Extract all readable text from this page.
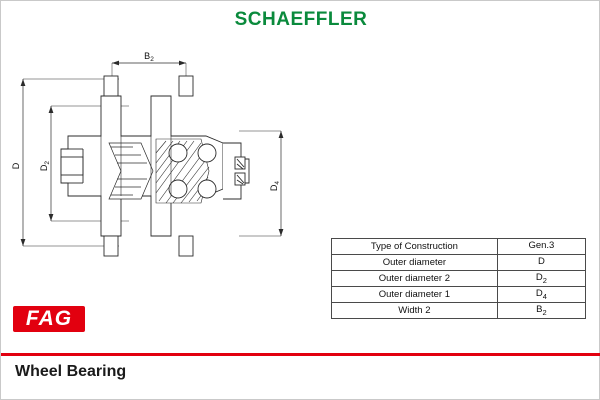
SCHAEFFLER
D $D_2$
$D_4$
$B_2$
Type of Construction	Gen.3
Outer diameter	D
Outer diameter 2	$D_2$
Outer diameter 1	$D_4$
Width 2	$B_2$
FAG
Wheel Bearing
